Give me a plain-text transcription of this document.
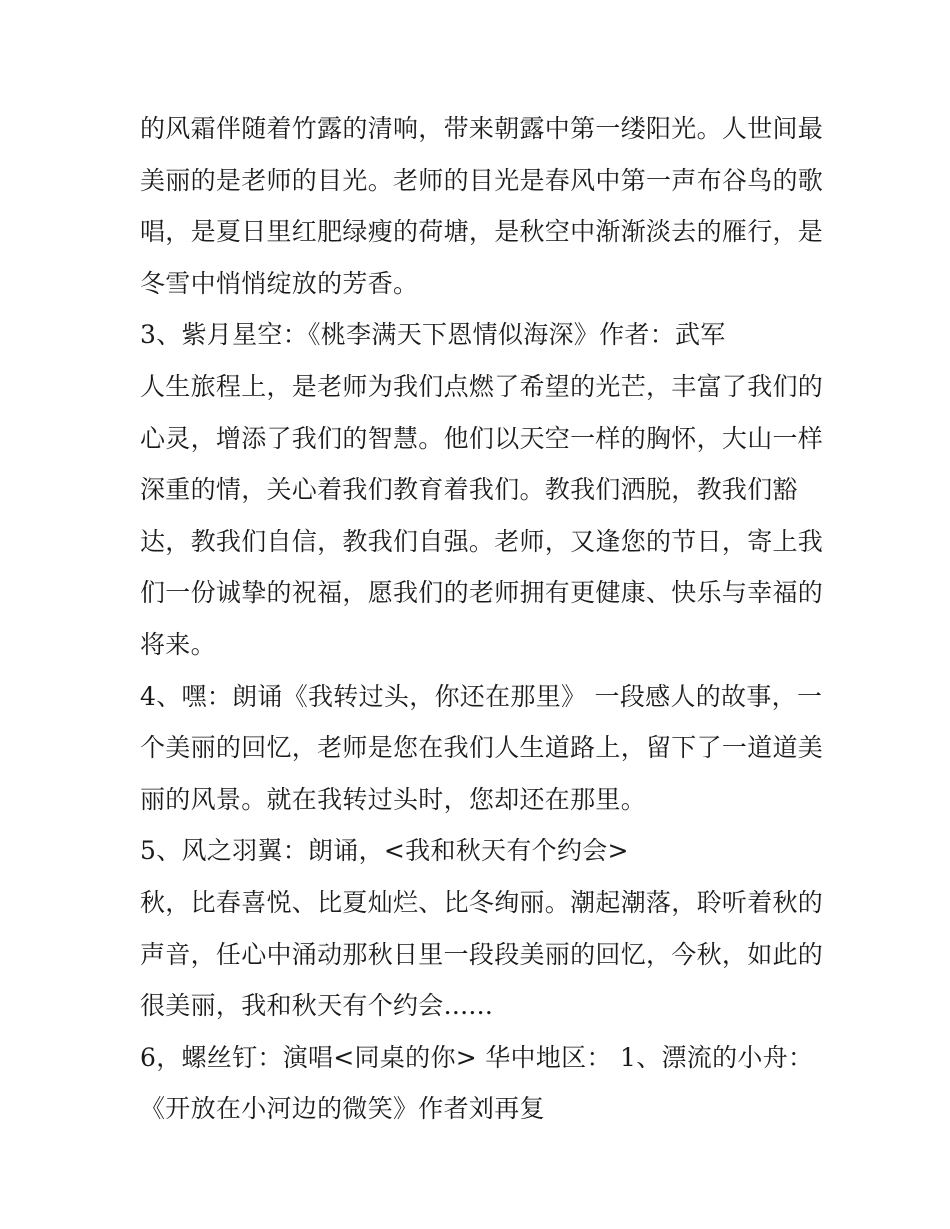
的风霜伴随着竹露的清响，带来朝露中第一缕阳光。人世间最
美丽的是老师的目光。老师的目光是春风中第一声布谷鸟的歌
唱，是夏日里红肥绿瘦的荷塘，是秋空中渐渐淡去的雁行，是
冬雪中悄悄绽放的芳香。
3、紫月星空：《桃李满天下恩情似海深》作者：武军
人生旅程上，是老师为我们点燃了希望的光芒，丰富了我们的
心灵，增添了我们的智慧。他们以天空一样的胸怀，大山一样
深重的情，关心着我们教育着我们。教我们洒脱，教我们豁
达，教我们自信，教我们自强。老师，又逢您的节日，寄上我
们一份诚挚的祝福，愿我们的老师拥有更健康、快乐与幸福的
将来。
4、嘿：朗诵《我转过头，你还在那里》 一段感人的故事，一
个美丽的回忆，老师是您在我们人生道路上，留下了一道道美
丽的风景。就在我转过头时，您却还在那里。
5、风之羽翼：朗诵，<我和秋天有个约会>
秋，比春喜悦、比夏灿烂、比冬绚丽。潮起潮落，聆听着秋的
声音，任心中涌动那秋日里一段段美丽的回忆，今秋，如此的
很美丽，我和秋天有个约会......
6，螺丝钉：演唱<同桌的你> 华中地区： 1、漂流的小舟：
《开放在小河边的微笑》作者刘再复
